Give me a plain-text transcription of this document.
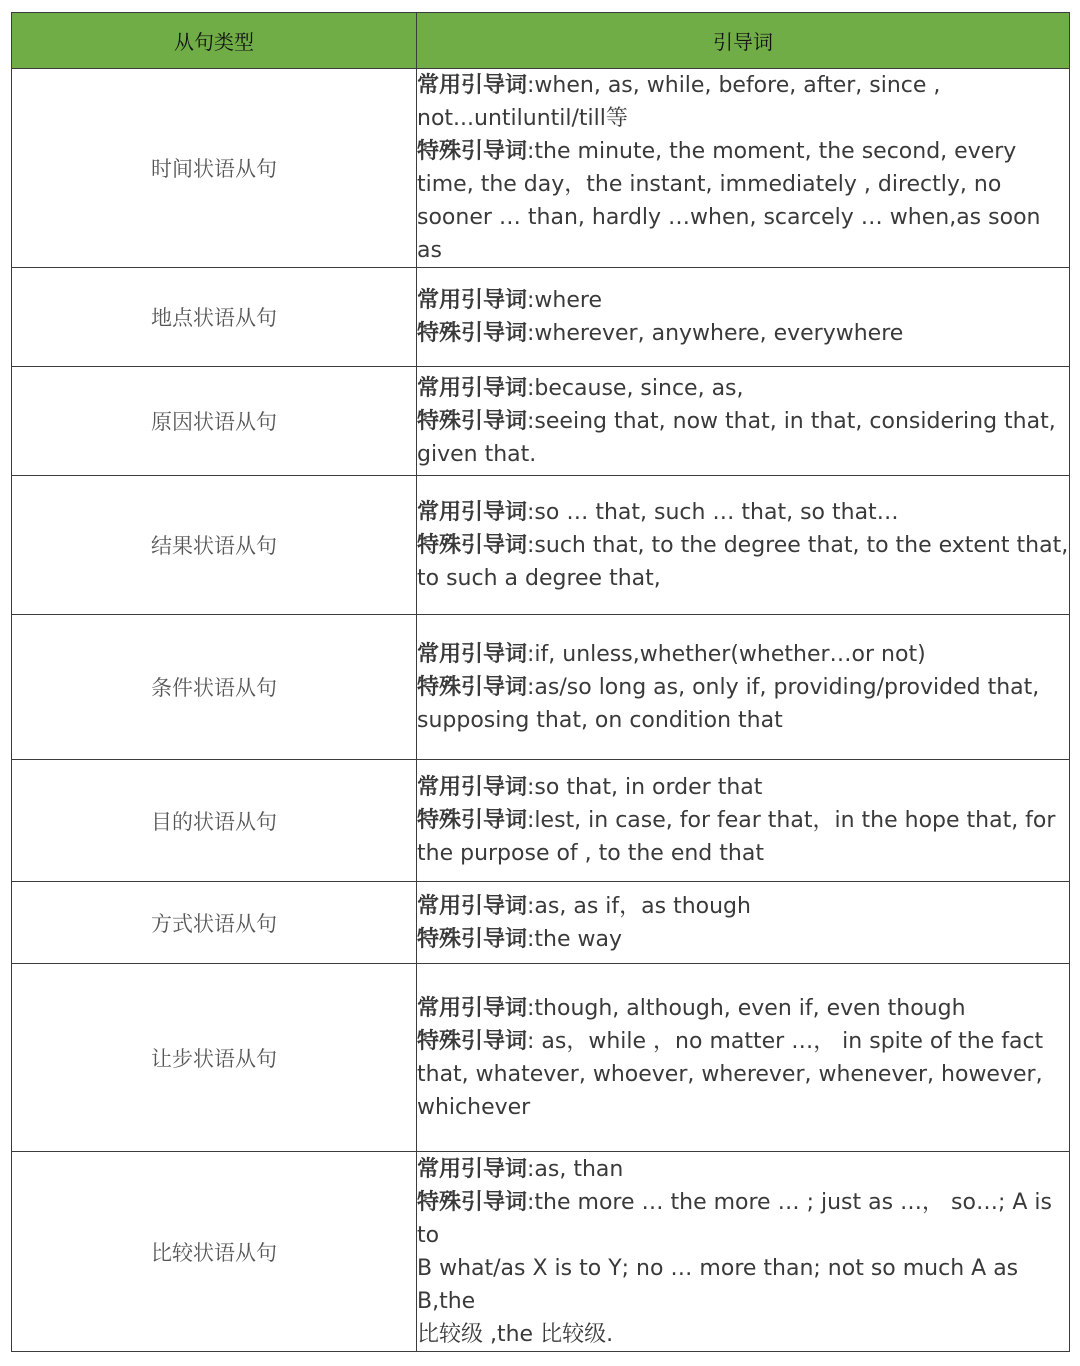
从句类型	引导词
时间状语从句	常用引导词:when, as, while, before, after, since ,
not...untiluntil/till等
特殊引导词:the minute, the moment, the second, every
time, the day，the instant, immediately , directly, no
sooner … than, hardly …when, scarcely … when,as soon as

地点状语从句	常用引导词:where
特殊引导词:wherever, anywhere, everywhere

原因状语从句	常用引导词:because, since, as,
特殊引导词:seeing that, now that, in that, considering that,
given that.

结果状语从句	常用引导词:so … that, such … that, so that…
特殊引导词:such that, to the degree that, to the extent that,
to such a degree that,

条件状语从句	常用引导词:if, unless,whether(whether…or not)
特殊引导词:as/so long as, only if, providing/provided that,
supposing that, on condition that

目的状语从句	常用引导词:so that, in order that
特殊引导词:lest, in case, for fear that，in the hope that, for
the purpose of , to the end that

方式状语从句	常用引导词:as, as if，as though
特殊引导词:the way

让步状语从句	常用引导词:though, although, even if, even though
特殊引导词: as，while ，no matter …， in spite of the fact
that, whatever, whoever, wherever, whenever, however,
whichever

比较状语从句	常用引导词:as, than
特殊引导词:the more … the more … ; just as …， so…; A is to
B what/as X is to Y; no … more than; not so much A as B,the
比较级 ,the 比较级.
